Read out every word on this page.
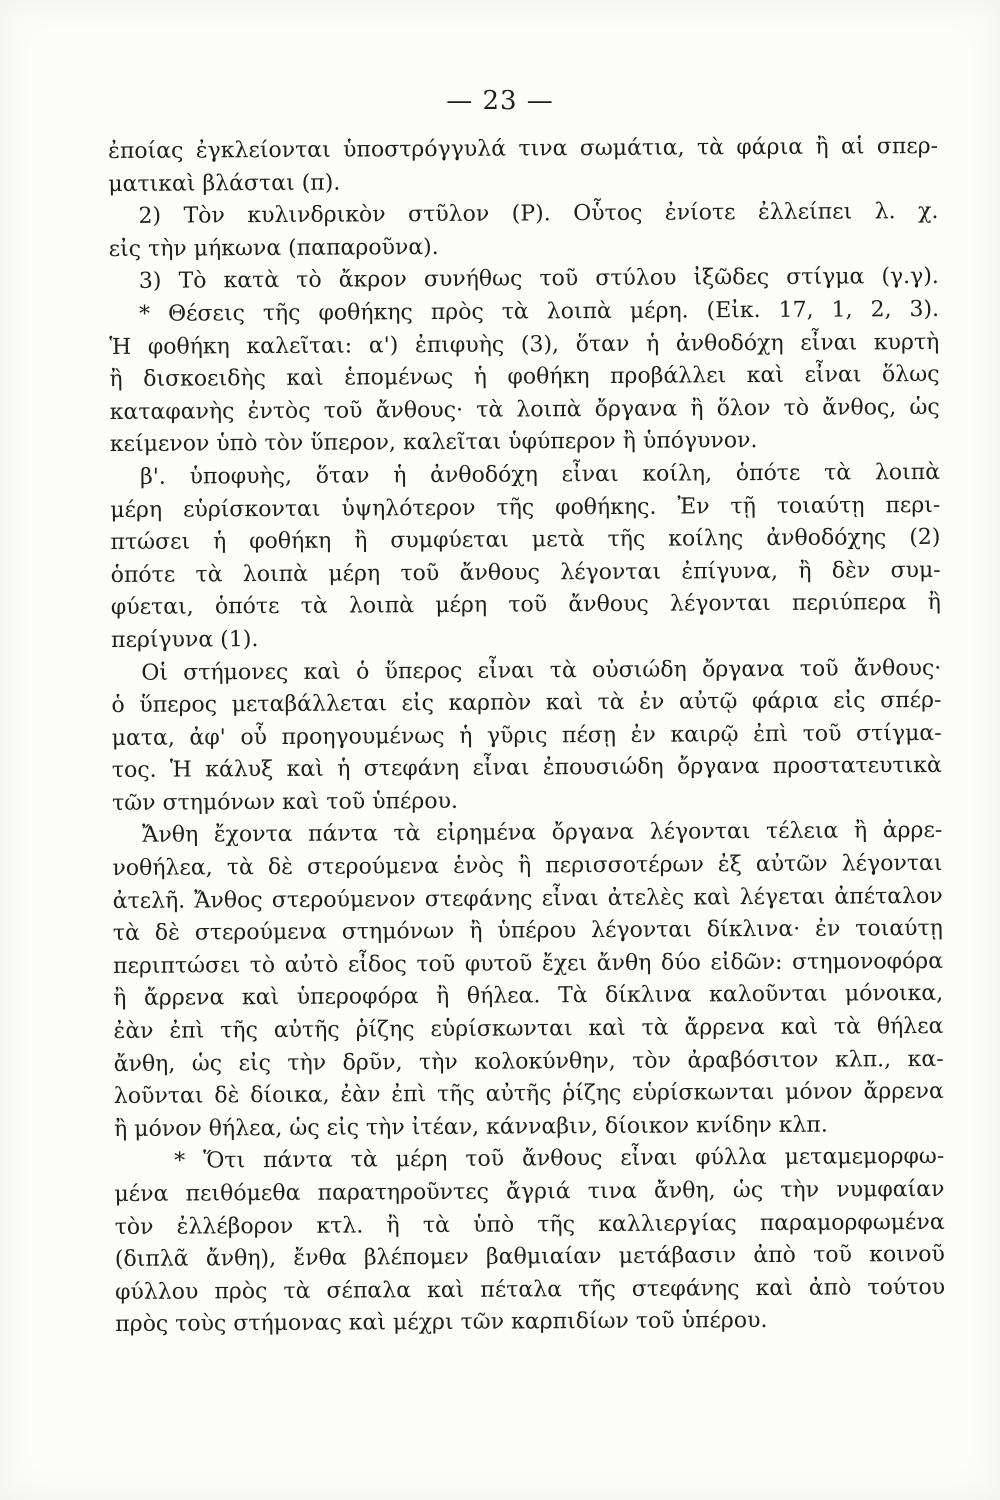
— 23 —
ἐποίας ἐγκλείονται ὑποστρόγγυλά τινα σωμάτια, τὰ φάρια ἢ αἱ σπερ-
ματικαὶ βλάσται (π).
2) Τὸν κυλινδρικὸν στῦλον (Ρ). Οὗτος ἐνίοτε ἐλλείπει λ. χ.
εἰς τὴν μήκωνα (παπαροῦνα).
3) Τὸ κατὰ τὸ ἄκρον συνήθως τοῦ στύλου ἰξῶδες στίγμα (γ.γ).
* Θέσεις τῆς φοθήκης πρὸς τὰ λοιπὰ μέρη. (Εἰκ. 17, 1, 2, 3).
Ἡ φοθήκη καλεῖται: α') ἐπιφυὴς (3), ὅταν ἡ ἀνθοδόχη εἶναι κυρτὴ
ἢ δισκοειδὴς καὶ ἑπομένως ἡ φοθήκη προβάλλει καὶ εἶναι ὅλως
καταφανὴς ἐντὸς τοῦ ἄνθους· τὰ λοιπὰ ὄργανα ἢ ὅλον τὸ ἄνθος, ὡς
κείμενον ὑπὸ τὸν ὕπερον, καλεῖται ὑφύπερον ἢ ὑπόγυνον.
β'. ὑποφυὴς, ὅταν ἡ ἀνθοδόχη εἶναι κοίλη, ὁπότε τὰ λοιπὰ
μέρη εὑρίσκονται ὑψηλότερον τῆς φοθήκης. Ἐν τῇ τοιαύτῃ περι-
πτώσει ἡ φοθήκη ἢ συμφύεται μετὰ τῆς κοίλης ἀνθοδόχης (2)
ὁπότε τὰ λοιπὰ μέρη τοῦ ἄνθους λέγονται ἐπίγυνα, ἢ δὲν συμ-
φύεται, ὁπότε τὰ λοιπὰ μέρη τοῦ ἄνθους λέγονται περιύπερα ἢ
περίγυνα (1).
Οἱ στήμονες καὶ ὁ ὕπερος εἶναι τὰ οὐσιώδη ὄργανα τοῦ ἄνθους·
ὁ ὕπερος μεταβάλλεται εἰς καρπὸν καὶ τὰ ἐν αὐτῷ φάρια εἰς σπέρ-
ματα, ἀφ' οὗ προηγουμένως ἡ γῦρις πέσῃ ἐν καιρῷ ἐπὶ τοῦ στίγμα-
τος. Ἡ κάλυξ καὶ ἡ στεφάνη εἶναι ἐπουσιώδη ὄργανα προστατευτικὰ
τῶν στημόνων καὶ τοῦ ὑπέρου.
Ἄνθη ἔχοντα πάντα τὰ εἰρημένα ὄργανα λέγονται τέλεια ἢ ἀρρε-
νοθήλεα, τὰ δὲ στερούμενα ἑνὸς ἢ περισσοτέρων ἐξ αὐτῶν λέγονται
ἀτελῆ. Ἄνθος στερούμενον στεφάνης εἶναι ἀτελὲς καὶ λέγεται ἀπέταλον
τὰ δὲ στερούμενα στημόνων ἢ ὑπέρου λέγονται δίκλινα· ἐν τοιαύτῃ
περιπτώσει τὸ αὐτὸ εἶδος τοῦ φυτοῦ ἔχει ἄνθη δύο εἰδῶν: στημονοφόρα
ἢ ἄρρενα καὶ ὑπεροφόρα ἢ θήλεα. Τὰ δίκλινα καλοῦνται μόνοικα,
ἐὰν ἐπὶ τῆς αὐτῆς ῥίζης εὑρίσκωνται καὶ τὰ ἄρρενα καὶ τὰ θήλεα
ἄνθη, ὡς εἰς τὴν δρῦν, τὴν κολοκύνθην, τὸν ἀραβόσιτον κλπ., κα-
λοῦνται δὲ δίοικα, ἐὰν ἐπὶ τῆς αὐτῆς ῥίζης εὑρίσκωνται μόνον ἄρρενα
ἢ μόνον θήλεα, ὡς εἰς τὴν ἰτέαν, κάνναβιν, δίοικον κνίδην κλπ.
* Ὅτι πάντα τὰ μέρη τοῦ ἄνθους εἶναι φύλλα μεταμεμορφω-
μένα πειθόμεθα παρατηροῦντες ἄγριά τινα ἄνθη, ὡς τὴν νυμφαίαν
τὸν ἐλλέβορον κτλ. ἢ τὰ ὑπὸ τῆς καλλιεργίας παραμορφωμένα
(διπλᾶ ἄνθη), ἔνθα βλέπομεν βαθμιαίαν μετάβασιν ἀπὸ τοῦ κοινοῦ
φύλλου πρὸς τὰ σέπαλα καὶ πέταλα τῆς στεφάνης καὶ ἀπὸ τούτου
πρὸς τοὺς στήμονας καὶ μέχρι τῶν καρπιδίων τοῦ ὑπέρου.
